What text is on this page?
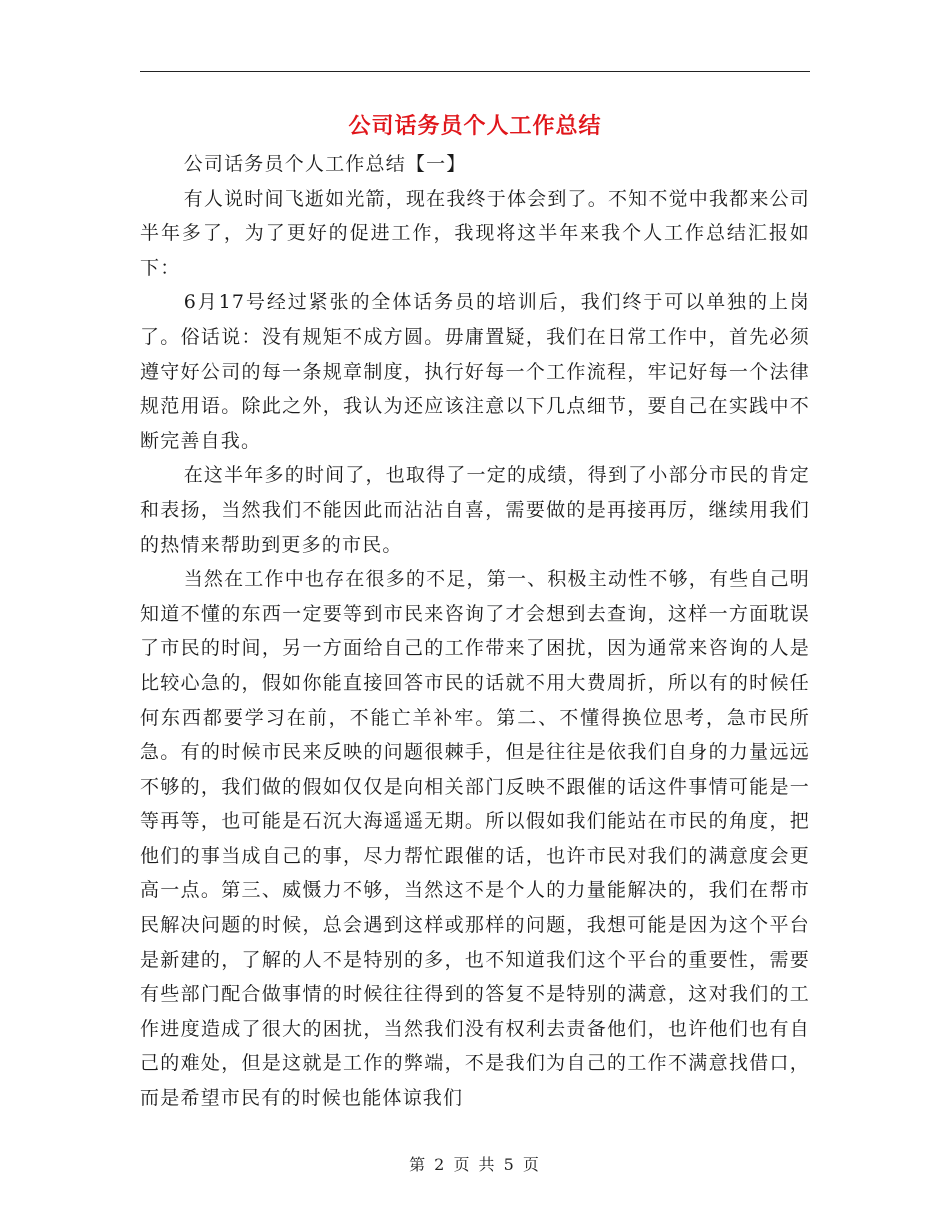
公司话务员个人工作总结

公司话务员个人工作总结【一】

有人说时间飞逝如光箭，现在我终于体会到了。不知不觉中我都来公司半年多了，为了更好的促进工作，我现将这半年来我个人工作总结汇报如下：

6月17号经过紧张的全体话务员的培训后，我们终于可以单独的上岗了。俗话说：没有规矩不成方圆。毋庸置疑，我们在日常工作中，首先必须遵守好公司的每一条规章制度，执行好每一个工作流程，牢记好每一个法律规范用语。除此之外，我认为还应该注意以下几点细节，要自己在实践中不断完善自我。

在这半年多的时间了，也取得了一定的成绩，得到了小部分市民的肯定和表扬，当然我们不能因此而沾沾自喜，需要做的是再接再厉，继续用我们的热情来帮助到更多的市民。

当然在工作中也存在很多的不足，第一、积极主动性不够，有些自己明知道不懂的东西一定要等到市民来咨询了才会想到去查询，这样一方面耽误了市民的时间，另一方面给自己的工作带来了困扰，因为通常来咨询的人是比较心急的，假如你能直接回答市民的话就不用大费周折，所以有的时候任何东西都要学习在前，不能亡羊补牢。第二、不懂得换位思考，急市民所急。有的时候市民来反映的问题很棘手，但是往往是依我们自身的力量远远不够的，我们做的假如仅仅是向相关部门反映不跟催的话这件事情可能是一等再等，也可能是石沉大海遥遥无期。所以假如我们能站在市民的角度，把他们的事当成自己的事，尽力帮忙跟催的话，也许市民对我们的满意度会更高一点。第三、威慑力不够，当然这不是个人的力量能解决的，我们在帮市民解决问题的时候，总会遇到这样或那样的问题，我想可能是因为这个平台是新建的，了解的人不是特别的多，也不知道我们这个平台的重要性，需要有些部门配合做事情的时候往往得到的答复不是特别的满意，这对我们的工作进度造成了很大的困扰，当然我们没有权利去责备他们，也许他们也有自己的难处，但是这就是工作的弊端，不是我们为自己的工作不满意找借口，而是希望市民有的时候也能体谅我们

第 2 页 共 5 页
